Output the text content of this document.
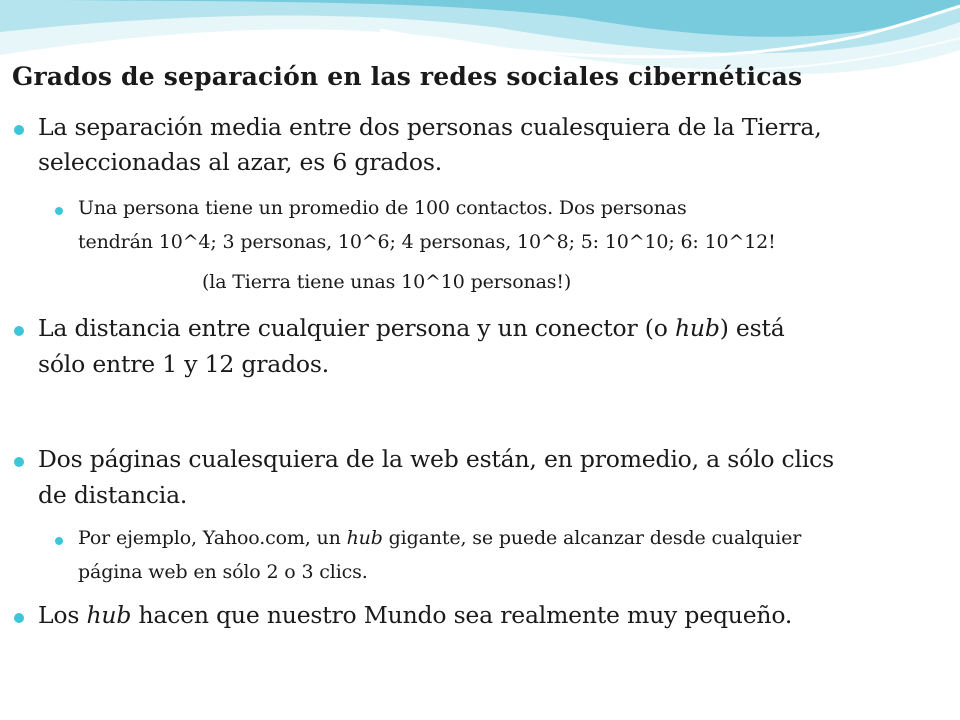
Grados de separación en las redes sociales cibernéticas

La separación media entre dos personas cualesquiera de la Tierra,

seleccionadas al azar, es 6 grados.

Una persona tiene un promedio de 100 contactos. Dos personas

tendrán 10^4; 3 personas, 10^6; 4 personas, 10^8; 5: 10^10; 6: 10^12!

(la Tierra tiene unas 10^10 personas!)

La distancia entre cualquier persona y un conector (o hub) está

sólo entre 1 y 12 grados.

Dos páginas cualesquiera de la web están, en promedio, a sólo clics

de distancia.

Por ejemplo, Yahoo.com, un hub gigante, se puede alcanzar desde cualquier

página web en sólo 2 o 3 clics.

Los hub hacen que nuestro Mundo sea realmente muy pequeño.
